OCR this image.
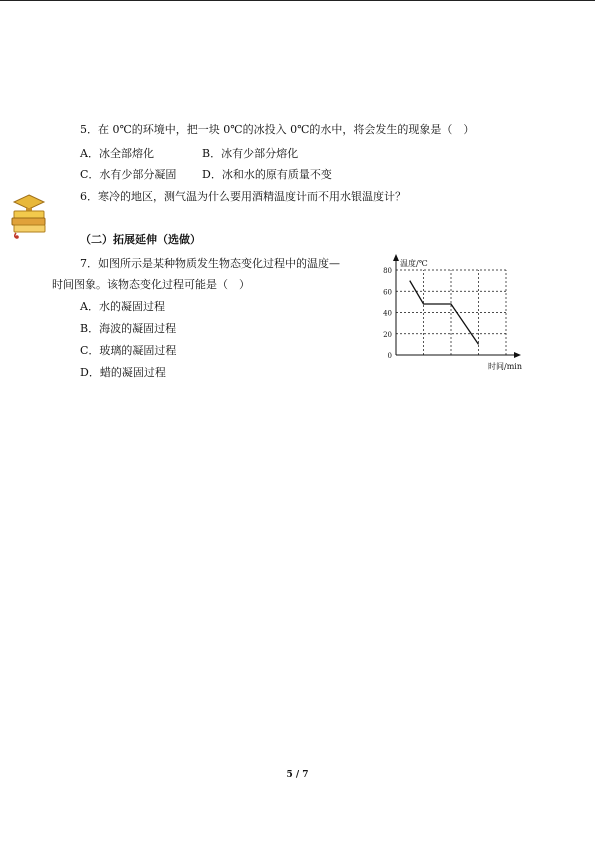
5．在 0℃的环境中，把一块 0℃的冰投入 0℃的水中，将会发生的现象是（　）
A．冰全部熔化	B．冰有少部分熔化
C．水有少部分凝固 D．冰和水的原有质量不变
6．寒冷的地区，测气温为什么要用酒精温度计而不用水银温度计？
（二）拓展延伸（选做）
7．如图所示是某种物质发生物态变化过程中的温度—
时间图象。该物态变化过程可能是（　）
A．水的凝固过程
B．海波的凝固过程
C．玻璃的凝固过程
D．蜡的凝固过程
80
60
40
20
0
温度/℃
时间/min
5 / 7
